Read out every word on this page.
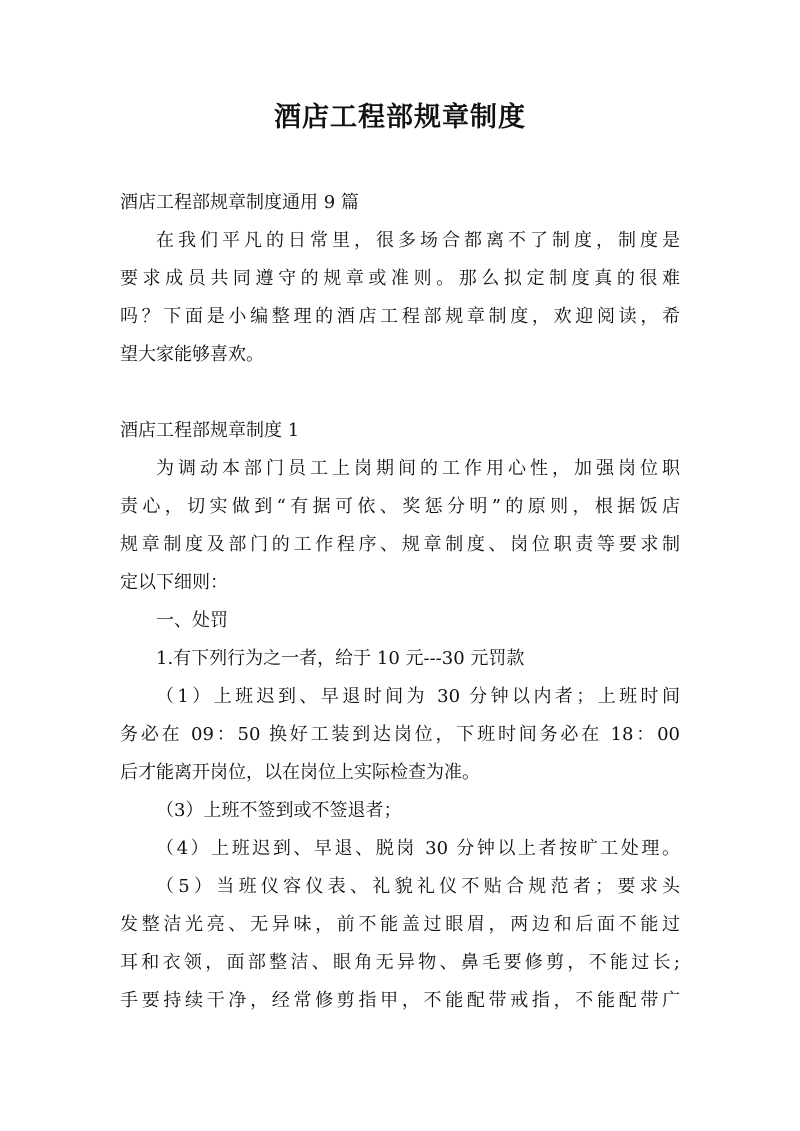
酒店工程部规章制度
酒店工程部规章制度通用 9 篇
在我们平凡的日常里，很多场合都离不了制度，制度是
要求成员共同遵守的规章或准则。那么拟定制度真的很难
吗？下面是小编整理的酒店工程部规章制度，欢迎阅读，希
望大家能够喜欢。
酒店工程部规章制度 1
为调动本部门员工上岗期间的工作用心性，加强岗位职
责心，切实做到“有据可依、奖惩分明”的原则，根据饭店
规章制度及部门的工作程序、规章制度、岗位职责等要求制
定以下细则：
一、处罚
1.有下列行为之一者，给于 10 元---30 元罚款
（1）上班迟到、早退时间为 30 分钟以内者；上班时间
务必在 09：50 换好工装到达岗位，下班时间务必在 18：00
后才能离开岗位，以在岗位上实际检查为准。
（3）上班不签到或不签退者；
（4）上班迟到、早退、脱岗 30 分钟以上者按旷工处理。
（5）当班仪容仪表、礼貌礼仪不贴合规范者；要求头
发整洁光亮、无异味，前不能盖过眼眉，两边和后面不能过
耳和衣领，面部整洁、眼角无异物、鼻毛要修剪，不能过长;
手要持续干净，经常修剪指甲，不能配带戒指，不能配带广
